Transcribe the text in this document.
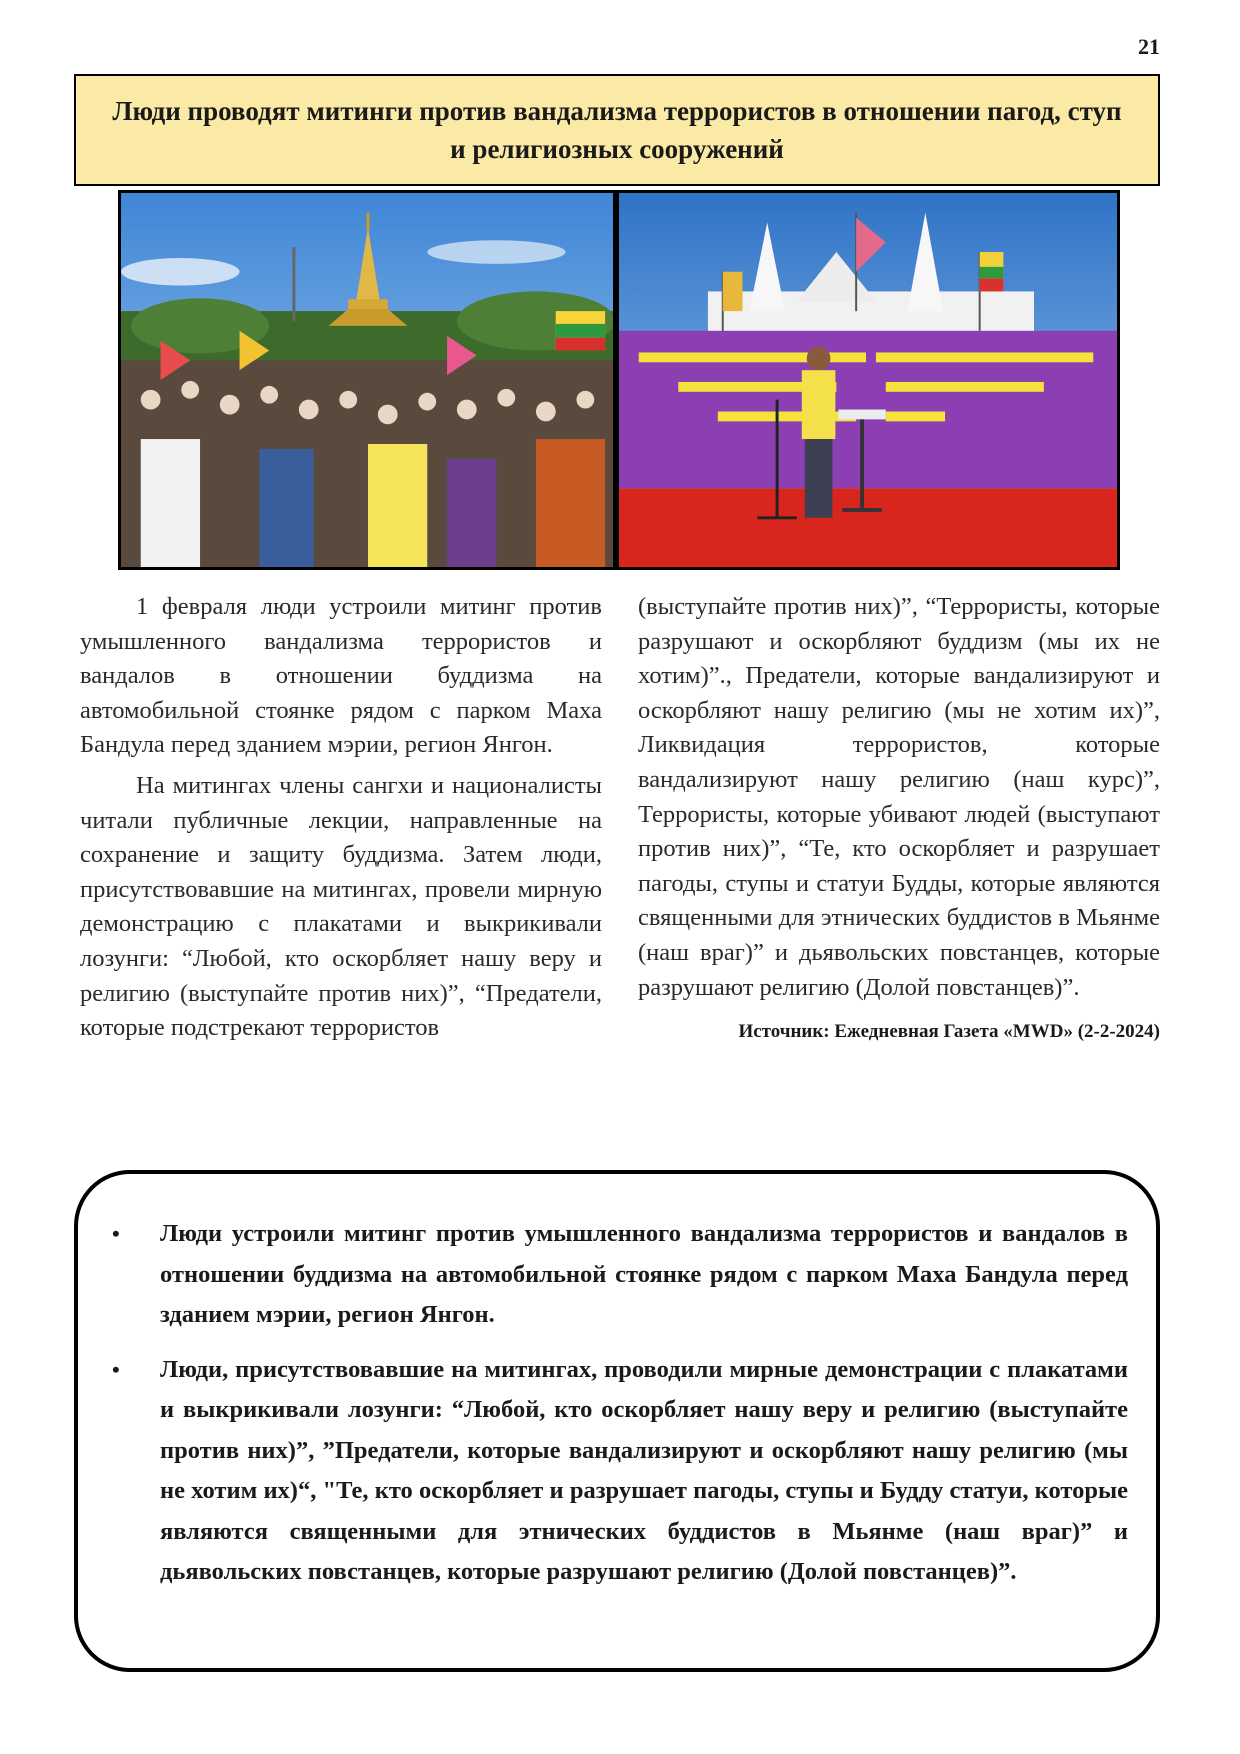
21
Люди проводят митинги против вандализма террористов в отношении пагод, ступ и религиозных сооружений

1 февраля люди устроили митинг против умышленного вандализма террористов и вандалов в отношении буддизма на автомобильной стоянке рядом с парком Маха Бандула перед зданием мэрии, регион Янгон.

На митингах члены сангхи и националисты читали публичные лекции, направленные на сохранение и защиту буддизма. Затем люди, присутствовавшие на митингах, провели мирную демонстрацию с плакатами и выкрикивали лозунги: “Любой, кто оскорбляет нашу веру и религию (выступайте против них)”, “Предатели, которые подстрекают террористов

(выступайте против них)”, “Террористы, которые разрушают и оскорбляют буддизм (мы их не хотим)”., Предатели, которые вандализируют и оскорбляют нашу религию (мы не хотим их)”, Ликвидация террористов, которые вандализируют нашу религию (наш курс)”, Террористы, которые убивают людей (выступают против них)”, “Те, кто оскорбляет и разрушает пагоды, ступы и статуи Будды, которые являются священными для этнических буддистов в Мьянме (наш враг)” и дьявольских повстанцев, которые разрушают религию (Долой повстанцев)”.

Источник: Ежедневная Газета «MWD» (2-2-2024)
• Люди устроили митинг против умышленного вандализма террористов и вандалов в отношении буддизма на автомобильной стоянке рядом с парком Маха Бандула перед зданием мэрии, регион Янгон.
• Люди, присутствовавшие на митингах, проводили мирные демонстрации с плакатами и выкрикивали лозунги: “Любой, кто оскорбляет нашу веру и религию (выступайте против них)”, ”Предатели, которые вандализируют и оскорбляют нашу религию (мы не хотим их)“, "Те, кто оскорбляет и разрушает пагоды, ступы и Будду статуи, которые являются священными для этнических буддистов в Мьянме (наш враг)” и дьявольских повстанцев, которые разрушают религию (Долой повстанцев)”.
